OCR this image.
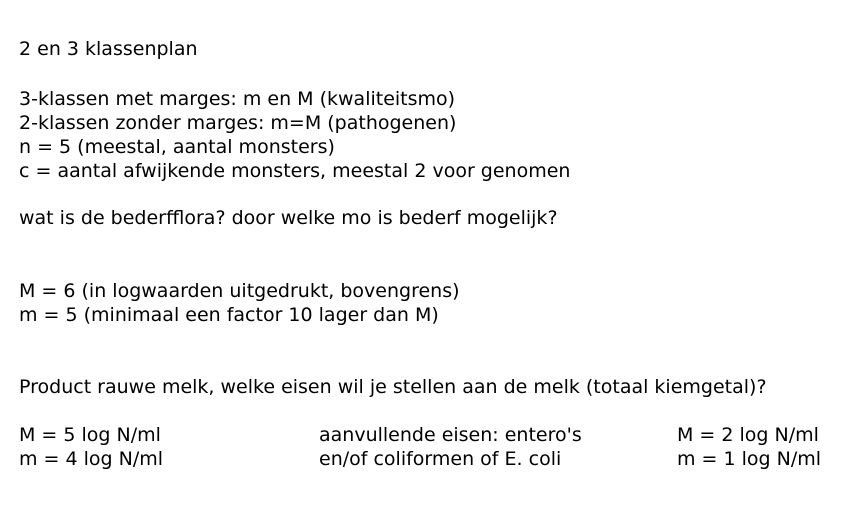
2 en 3 klassenplan
3-klassen met marges: m en M (kwaliteitsmo)
2-klassen zonder marges: m=M (pathogenen)
n = 5 (meestal, aantal monsters)
c = aantal afwijkende monsters, meestal 2 voor genomen
wat is de bederfflora? door welke mo is bederf mogelijk?
M = 6 (in logwaarden uitgedrukt, bovengrens)
m = 5 (minimaal een factor 10 lager dan M)
Product rauwe melk, welke eisen wil je stellen aan de melk (totaal kiemgetal)?
M = 5 log N/ml
m = 4 log N/ml
aanvullende eisen: entero's
en/of coliformen of E. coli
M = 2 log N/ml
m = 1 log N/ml
